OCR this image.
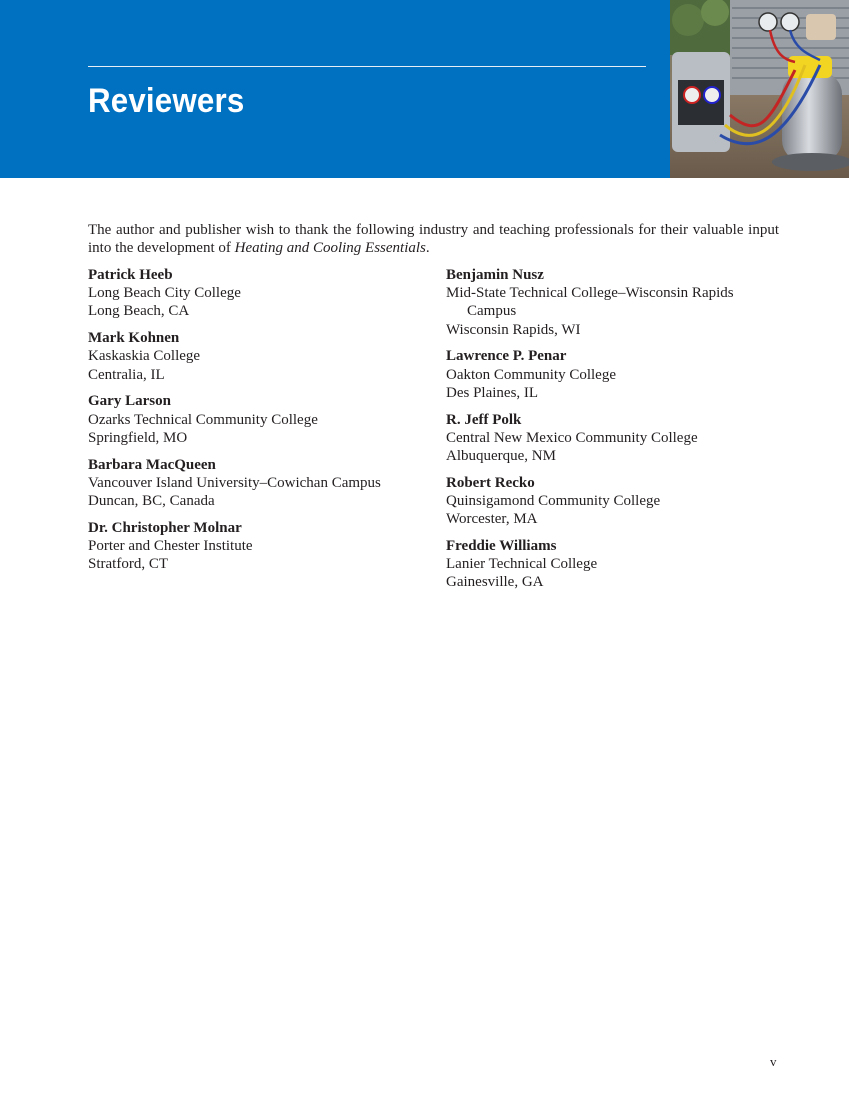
Reviewers

The author and publisher wish to thank the following industry and teaching professionals for their valuable input into the development of Heating and Cooling Essentials.

Patrick Heeb
Long Beach City College
Long Beach, CA
Mark Kohnen
Kaskaskia College
Centralia, IL
Gary Larson
Ozarks Technical Community College
Springfield, MO
Barbara MacQueen
Vancouver Island University–Cowichan Campus
Duncan, BC, Canada
Dr. Christopher Molnar
Porter and Chester Institute
Stratford, CT
Benjamin Nusz
Mid-State Technical College–Wisconsin Rapids
Campus
Wisconsin Rapids, WI
Lawrence P. Penar
Oakton Community College
Des Plaines, IL
R. Jeff Polk
Central New Mexico Community College
Albuquerque, NM
Robert Recko
Quinsigamond Community College
Worcester, MA
Freddie Williams
Lanier Technical College
Gainesville, GA
v
